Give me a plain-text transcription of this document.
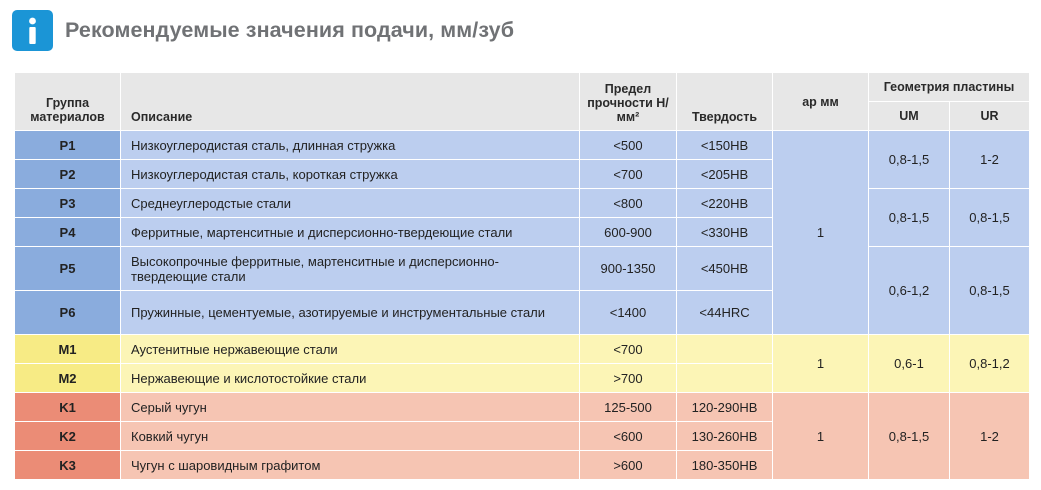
Рекомендуемые значения подачи, мм/зуб
Группа материалов	Описание	Предел прочности Н/мм²	Твердость	ap мм	Геометрия пластины	
					UM	UR
P1	Низкоуглеродистая сталь, длинная стружка	<500	<150HB	1	0,8-1,5	1-2
P2	Низкоуглеродистая сталь, короткая стружка	<700	<205HB			
P3	Среднеуглеродстые стали	<800	<220HB		0,8-1,5	0,8-1,5
P4	Ферритные, мартенситные и дисперсионно-твердеющие стали	600-900	<330HB			
P5	Высокопрочные ферритные, мартенситные и дисперсионно-твердеющие стали	900-1350	<450HB		0,6-1,2	0,8-1,5
P6	Пружинные, цементуемые, азотируемые и инструментальные стали	<1400	<44HRC			
M1	Аустенитные нержавеющие стали	<700		1	0,6-1	0,8-1,2
M2	Нержавеющие и кислотостойкие стали	>700				
K1	Серый чугун	125-500	120-290HB	1	0,8-1,5	1-2
K2	Ковкий чугун	<600	130-260HB			
K3	Чугун с шаровидным графитом	>600	180-350HB			
